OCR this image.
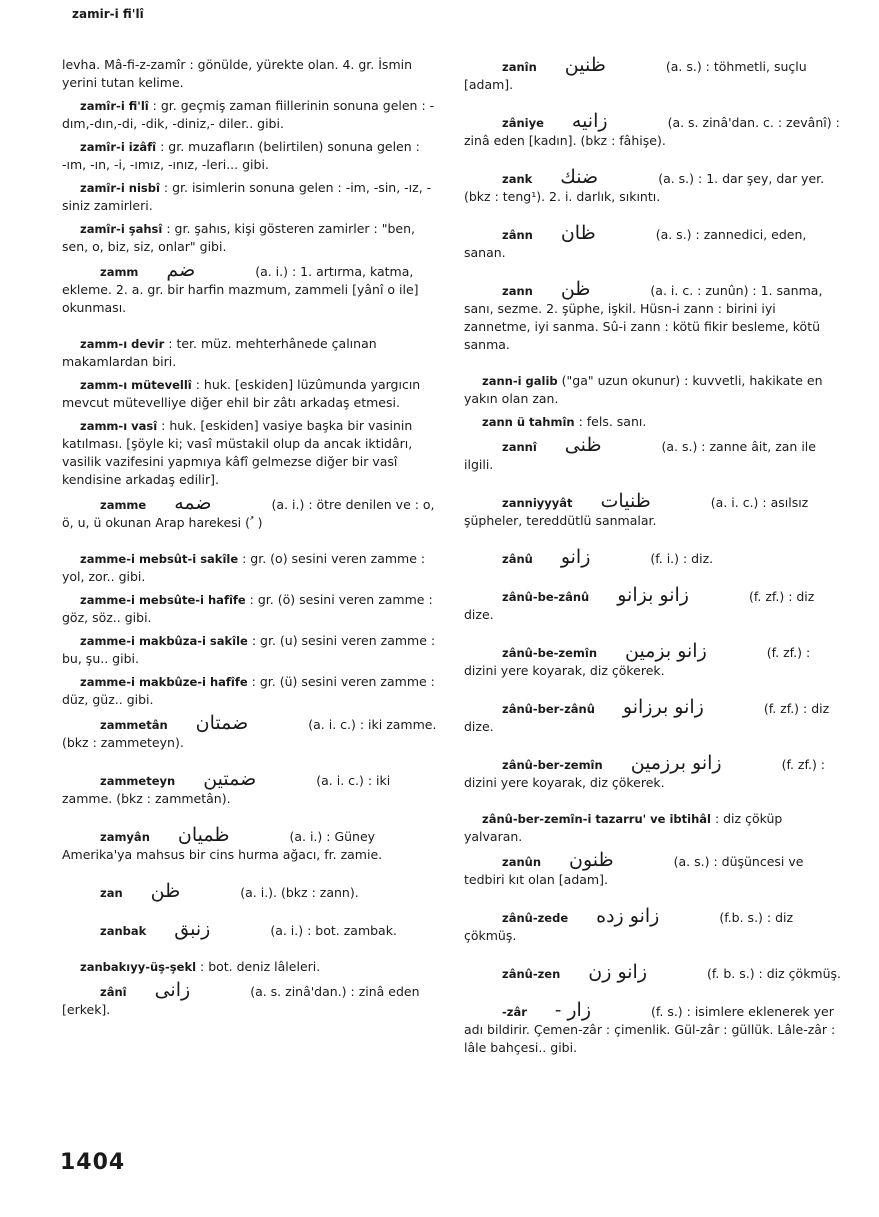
zamir-i fi'lî
levha. Mâ-fi-z-zamîr : gönülde, yürekte olan. 4. gr. İsmin yerini tutan kelime.
zamîr-i fi'lî : gr. geçmiş zaman fiillerinin sonuna gelen : -dım,-dın,-di, -dik, -diniz,- diler.. gibi.
zamîr-i izâfî : gr. muzafların (belirtilen) sonuna gelen : -ım, -ın, -i, -ımız, -ınız, -leri... gibi.
zamîr-i nisbî : gr. isimlerin sonuna gelen : -im, -sin, -ız, -siniz zamirleri.
zamîr-i şahsî : gr. şahıs, kişi gösteren zamirler : "ben, sen, o, biz, siz, onlar" gibi.
zamm ضم	(a. i.) : 1. artırma, katma, ekleme. 2. a. gr. bir harfin mazmum, zammeli [yânî o ile] okunması.
zamm-ı devir : ter. müz. mehterhânede çalınan makamlardan biri.
zamm-ı mütevellî : huk. [eskiden] lüzûmunda yargıcın mevcut mütevelliye diğer ehil bir zâtı arkadaş etmesi.
zamm-ı vasî : huk. [eskiden] vasiye başka bir vasinin katılması. [şöyle ki; vasî müstakil olup da ancak iktidârı, vasilik vazifesini yapmıya kâfî gelmezse diğer bir vasî kendisine arkadaş edilir].
zamme ضمه	(a. i.) : ötre denilen ve : o, ö, u, ü okunan Arap harekesi ( ُ )
zamme-i mebsût-i sakîle : gr. (o) sesini veren zamme : yol, zor.. gibi.
zamme-i mebsûte-i hafîfe : gr. (ö) sesini veren zamme : göz, söz.. gibi.
zamme-i makbûza-i sakîle : gr. (u) sesini veren zamme : bu, şu.. gibi.
zamme-i makbûze-i hafîfe : gr. (ü) sesini veren zamme : düz, güz.. gibi.
zammetân ضمتان	(a. i. c.) : iki zamme. (bkz : zammeteyn).
zammeteyn ضمتين	(a. i. c.) : iki zamme. (bkz : zammetân).
zamyân ظميان	(a. i.) : Güney Amerika'ya mahsus bir cins hurma ağacı, fr. zamie.
zan ظن	(a. i.). (bkz : zann).
zanbak زنبق	(a. i.) : bot. zambak.
zanbakıyy-üş-şekl : bot. deniz lâleleri.
zânî زانى	(a. s. zinâ'dan.) : zinâ eden [erkek].
zanîn ظنين	(a. s.) : töhmetli, suçlu [adam].
zâniye زانيه	(a. s. zinâ'dan. c. : zevânî) : zinâ eden [kadın]. (bkz : fâhişe).
zank ضنك	(a. s.) : 1. dar şey, dar yer. (bkz : teng¹). 2. i. darlık, sıkıntı.
zânn ظان	(a. s.) : zannedici, eden, sanan.
zann ظن	(a. i. c. : zunûn) : 1. sanma, sanı, sezme. 2. şüphe, işkil. Hüsn-i zann : birini iyi zannetme, iyi sanma. Sû-i zann : kötü fikir besleme, kötü sanma.
zann-i galib ("ga" uzun okunur) : kuvvetli, hakikate en yakın olan zan.
zann ü tahmîn : fels. sanı.
zannî ظنى	(a. s.) : zanne âit, zan ile ilgili.
zanniyyyât ظنيات	(a. i. c.) : asılsız şüpheler, tereddütlü sanmalar.
zânû زانو	(f. i.) : diz.
zânû-be-zânû زانو بزانو	(f. zf.) : diz dize.
zânû-be-zemîn زانو بزمين	(f. zf.) : dizini yere koyarak, diz çökerek.
zânû-ber-zânû زانو برزانو	(f. zf.) : diz dize.
zânû-ber-zemîn زانو برزمين	(f. zf.) : dizini yere koyarak, diz çökerek.
zânû-ber-zemîn-i tazarru' ve ibtihâl : diz çöküp yalvaran.
zanûn ظنون	(a. s.) : düşüncesi ve tedbiri kıt olan [adam].
zânû-zede زانو زده	(f.b. s.) : diz çökmüş.
zânû-zen زانو زن	(f. b. s.) : diz çökmüş.
-zâr زار -	(f. s.) : isimlere eklenerek yer adı bildirir. Çemen-zâr : çimenlik. Gül-zâr : güllük. Lâle-zâr : lâle bahçesi.. gibi.
1404
